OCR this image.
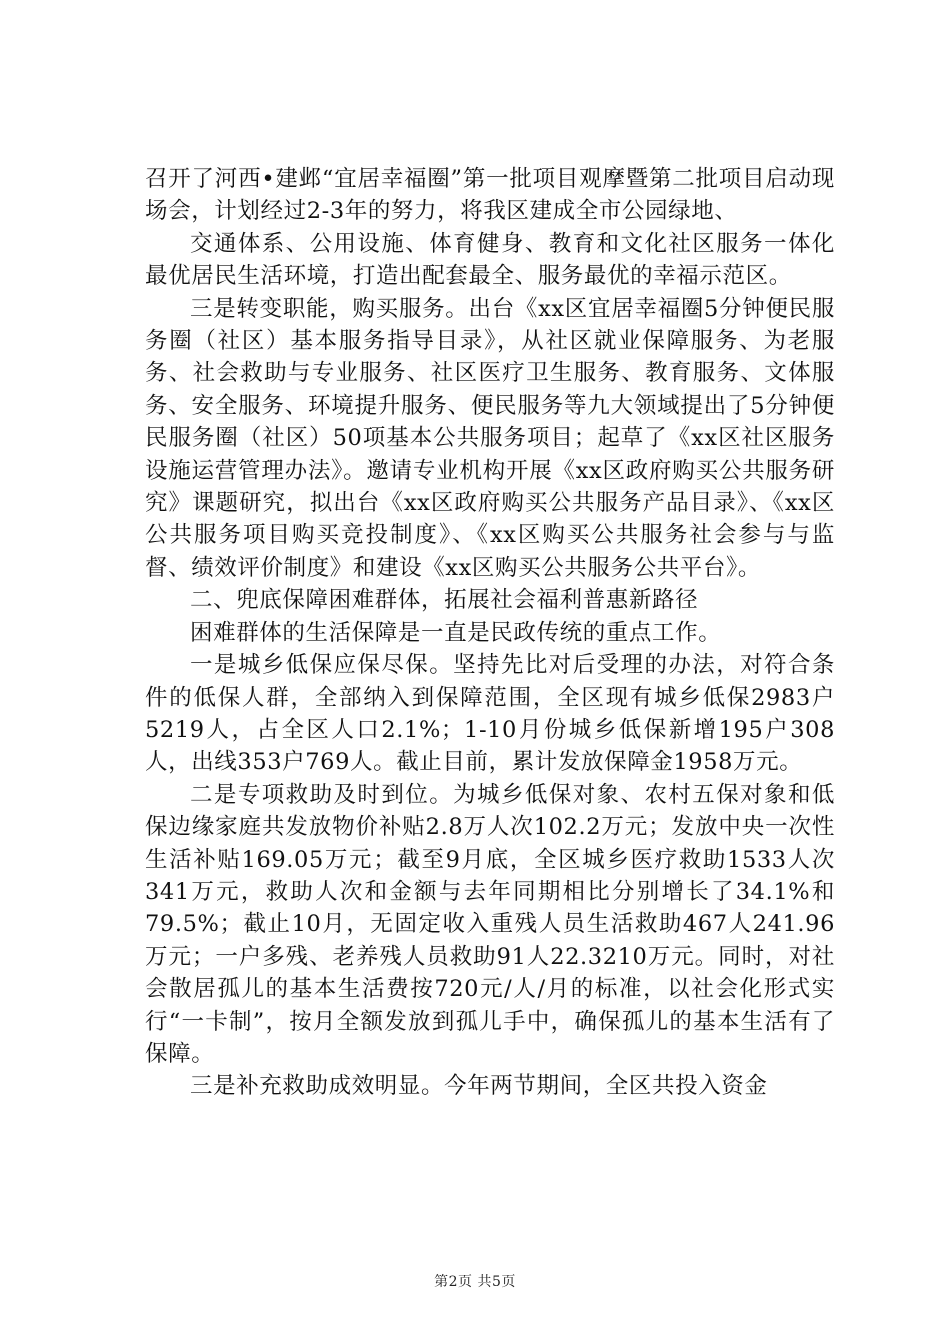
召开了河西•建邺“宜居幸福圈”第一批项目观摩暨第二批项目启动现场会，计划经过2-3年的努力，将我区建成全市公园绿地、

交通体系、公用设施、体育健身、教育和文化社区服务一体化最优居民生活环境，打造出配套最全、服务最优的幸福示范区。

三是转变职能，购买服务。出台《xx区宜居幸福圈5分钟便民服务圈（社区）基本服务指导目录》，从社区就业保障服务、为老服务、社会救助与专业服务、社区医疗卫生服务、教育服务、文体服务、安全服务、环境提升服务、便民服务等九大领域提出了5分钟便民服务圈（社区）50项基本公共服务项目；起草了《xx区社区服务设施运营管理办法》。邀请专业机构开展《xx区政府购买公共服务研究》课题研究，拟出台《xx区政府购买公共服务产品目录》、《xx区公共服务项目购买竞投制度》、《xx区购买公共服务社会参与与监督、绩效评价制度》和建设《xx区购买公共服务公共平台》。

二、兜底保障困难群体，拓展社会福利普惠新路径

困难群体的生活保障是一直是民政传统的重点工作。

一是城乡低保应保尽保。坚持先比对后受理的办法，对符合条件的低保人群，全部纳入到保障范围，全区现有城乡低保2983户5219人，占全区人口2.1%；1-10月份城乡低保新增195户308人，出线353户769人。截止目前，累计发放保障金1958万元。

二是专项救助及时到位。为城乡低保对象、农村五保对象和低保边缘家庭共发放物价补贴2.8万人次102.2万元；发放中央一次性生活补贴169.05万元；截至9月底，全区城乡医疗救助1533人次341万元，救助人次和金额与去年同期相比分别增长了34.1%和79.5%；截止10月，无固定收入重残人员生活救助467人241.96万元；一户多残、老养残人员救助91人22.3210万元。同时，对社会散居孤儿的基本生活费按720元/人/月的标准，以社会化形式实行“一卡制”，按月全额发放到孤儿手中，确保孤儿的基本生活有了保障。

三是补充救助成效明显。今年两节期间，全区共投入资金

第2页 共5页
